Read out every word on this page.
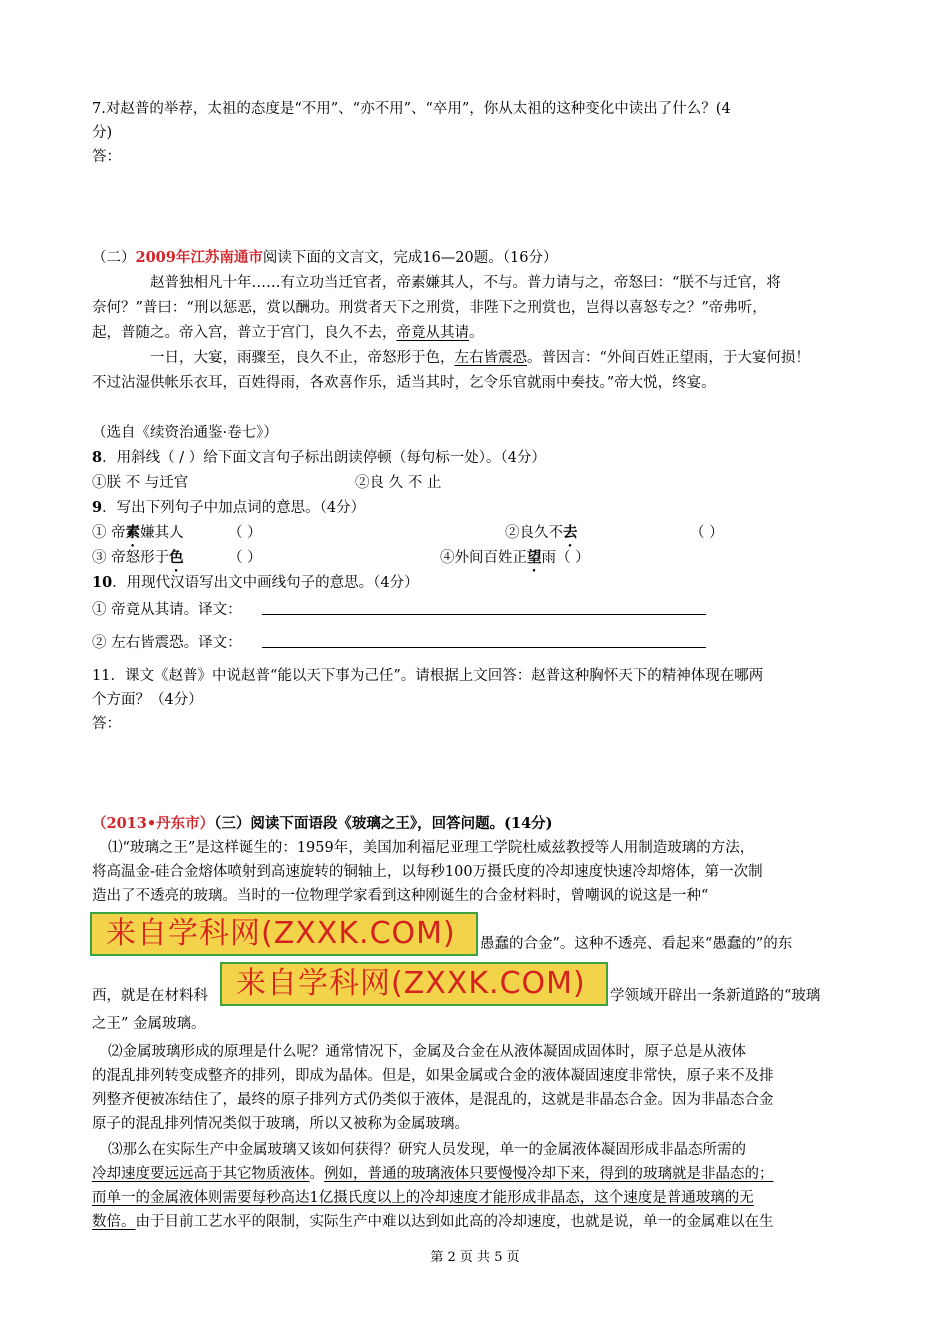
7.对赵普的举荐，太祖的态度是“不用”、“亦不用”、“卒用”，你从太祖的这种变化中读出了什么？(4
分)
答：
（二）2009年江苏南通市阅读下面的文言文，完成16—20题。（16分）
赵普独相凡十年……有立功当迁官者，帝素嫌其人，不与。普力请与之，帝怒曰：“朕不与迁官，将
奈何？”普曰：“刑以惩恶，赏以酬功。刑赏者天下之刑赏，非陛下之刑赏也，岂得以喜怒专之？”帝弗听，
起，普随之。帝入宫，普立于宫门，良久不去，帝竟从其请。
一日，大宴，雨骤至，良久不止，帝怒形于色，左右皆震恐。普因言：“外间百姓正望雨，于大宴何损！
不过沾湿供帐乐衣耳，百姓得雨，各欢喜作乐，适当其时，乞令乐官就雨中奏技。”帝大悦，终宴。
（选自《续资治通鉴·卷七》）
8．用斜线（ / ）给下面文言句子标出朗读停顿（每句标一处）。（4分）
①朕 不 与迁官	②良 久 不 止
9．写出下列句子中加点词的意思。（4分）
① 帝素嫌其人	（ ）	②良久不去	（ ）
③ 帝怒形于色	（ ）	④外间百姓正望雨（ ）
10．用现代汉语写出文中画线句子的意思。（4分）
① 帝竟从其请。译文：
② 左右皆震恐。译文：
11．课文《赵普》中说赵普“能以天下事为己任”。请根据上文回答：赵普这种胸怀天下的精神体现在哪两
个方面？（4分）
答：
（2013•丹东市）（三）阅读下面语段《玻璃之王》，回答问题。(14分)
⑴“玻璃之王”是这样诞生的：1959年，美国加利福尼亚理工学院杜威兹教授等人用制造玻璃的方法，
将高温金-硅合金熔体喷射到高速旋转的铜轴上，以每秒100万摄氏度的冷却速度快速冷却熔体，第一次制
造出了不透亮的玻璃。当时的一位物理学家看到这种刚诞生的合金材料时，曾嘲讽的说这是一种“
愚蠢的合金”。这种不透亮、看起来“愚蠢的”的东
西，就是在材料科	学领域开辟出一条新道路的“玻璃
之王” 金属玻璃。
来自学科网(ZXXK.COM)
来自学科网(ZXXK.COM)
⑵金属玻璃形成的原理是什么呢？通常情况下，金属及合金在从液体凝固成固体时，原子总是从液体
的混乱排列转变成整齐的排列，即成为晶体。但是，如果金属或合金的液体凝固速度非常快，原子来不及排
列整齐便被冻结住了，最终的原子排列方式仍类似于液体，是混乱的，这就是非晶态合金。因为非晶态合金
原子的混乱排列情况类似于玻璃，所以又被称为金属玻璃。
⑶那么在实际生产中金属玻璃又该如何获得？研究人员发现，单一的金属液体凝固形成非晶态所需的
冷却速度要远远高于其它物质液体。例如，普通的玻璃液体只要慢慢冷却下来，得到的玻璃就是非晶态的；
而单一的金属液体则需要每秒高达1亿摄氏度以上的冷却速度才能形成非晶态，这个速度是普通玻璃的无
数倍。由于目前工艺水平的限制，实际生产中难以达到如此高的冷却速度，也就是说，单一的金属难以在生
第 2 页 共 5 页
